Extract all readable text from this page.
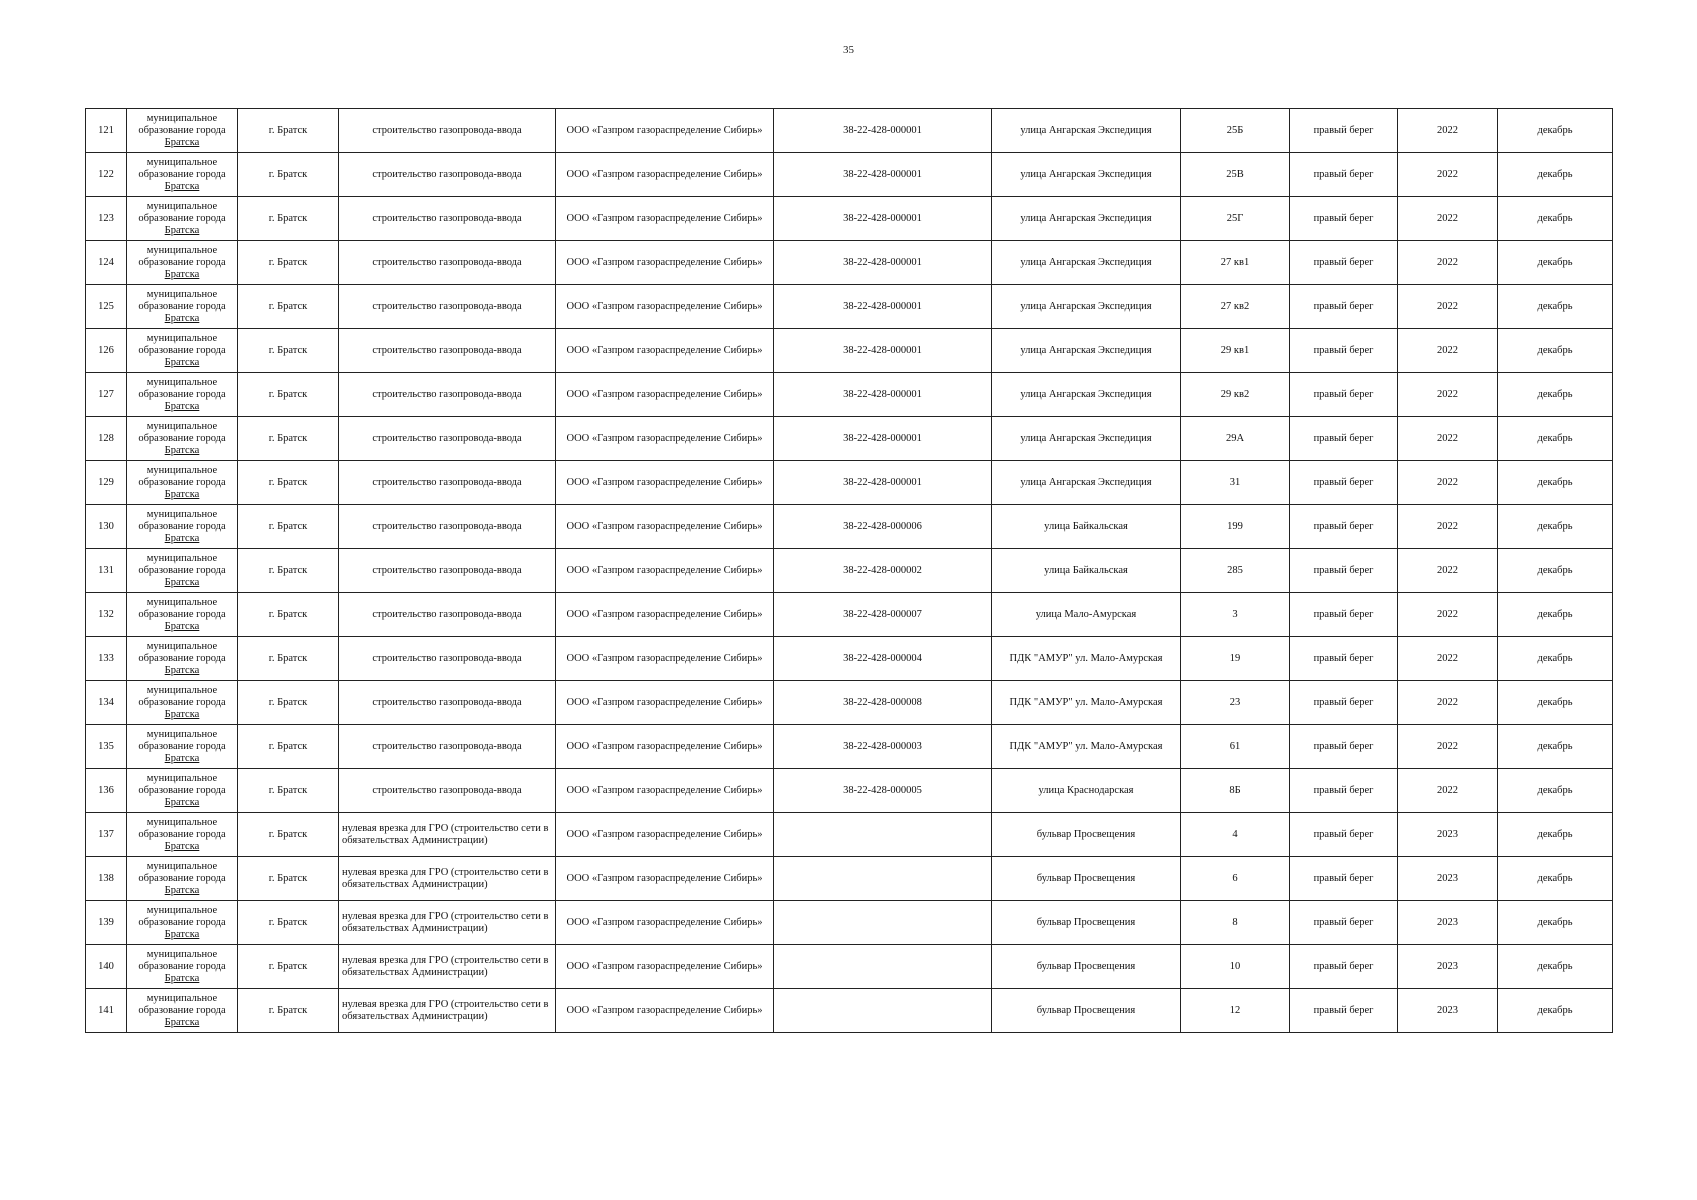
35
121	муниципальное
образование города
Братска	г. Братск	строительство газопровода-ввода	ООО «Газпром газораспределение Сибирь»	38-22-428-000001	улица Ангарская Экспедиция	25Б	правый берег	2022	декабрь
122	муниципальное
образование города
Братска	г. Братск	строительство газопровода-ввода	ООО «Газпром газораспределение Сибирь»	38-22-428-000001	улица Ангарская Экспедиция	25В	правый берег	2022	декабрь
123	муниципальное
образование города
Братска	г. Братск	строительство газопровода-ввода	ООО «Газпром газораспределение Сибирь»	38-22-428-000001	улица Ангарская Экспедиция	25Г	правый берег	2022	декабрь
124	муниципальное
образование города
Братска	г. Братск	строительство газопровода-ввода	ООО «Газпром газораспределение Сибирь»	38-22-428-000001	улица Ангарская Экспедиция	27 кв1	правый берег	2022	декабрь
125	муниципальное
образование города
Братска	г. Братск	строительство газопровода-ввода	ООО «Газпром газораспределение Сибирь»	38-22-428-000001	улица Ангарская Экспедиция	27 кв2	правый берег	2022	декабрь
126	муниципальное
образование города
Братска	г. Братск	строительство газопровода-ввода	ООО «Газпром газораспределение Сибирь»	38-22-428-000001	улица Ангарская Экспедиция	29 кв1	правый берег	2022	декабрь
127	муниципальное
образование города
Братска	г. Братск	строительство газопровода-ввода	ООО «Газпром газораспределение Сибирь»	38-22-428-000001	улица Ангарская Экспедиция	29 кв2	правый берег	2022	декабрь
128	муниципальное
образование города
Братска	г. Братск	строительство газопровода-ввода	ООО «Газпром газораспределение Сибирь»	38-22-428-000001	улица Ангарская Экспедиция	29А	правый берег	2022	декабрь
129	муниципальное
образование города
Братска	г. Братск	строительство газопровода-ввода	ООО «Газпром газораспределение Сибирь»	38-22-428-000001	улица Ангарская Экспедиция	31	правый берег	2022	декабрь
130	муниципальное
образование города
Братска	г. Братск	строительство газопровода-ввода	ООО «Газпром газораспределение Сибирь»	38-22-428-000006	улица Байкальская	199	правый берег	2022	декабрь
131	муниципальное
образование города
Братска	г. Братск	строительство газопровода-ввода	ООО «Газпром газораспределение Сибирь»	38-22-428-000002	улица Байкальская	285	правый берег	2022	декабрь
132	муниципальное
образование города
Братска	г. Братск	строительство газопровода-ввода	ООО «Газпром газораспределение Сибирь»	38-22-428-000007	улица Мало-Амурская	3	правый берег	2022	декабрь
133	муниципальное
образование города
Братска	г. Братск	строительство газопровода-ввода	ООО «Газпром газораспределение Сибирь»	38-22-428-000004	ПДК "АМУР" ул. Мало-Амурская	19	правый берег	2022	декабрь
134	муниципальное
образование города
Братска	г. Братск	строительство газопровода-ввода	ООО «Газпром газораспределение Сибирь»	38-22-428-000008	ПДК "АМУР" ул. Мало-Амурская	23	правый берег	2022	декабрь
135	муниципальное
образование города
Братска	г. Братск	строительство газопровода-ввода	ООО «Газпром газораспределение Сибирь»	38-22-428-000003	ПДК "АМУР" ул. Мало-Амурская	61	правый берег	2022	декабрь
136	муниципальное
образование города
Братска	г. Братск	строительство газопровода-ввода	ООО «Газпром газораспределение Сибирь»	38-22-428-000005	улица Краснодарская	8Б	правый берег	2022	декабрь
137	муниципальное
образование города
Братска	г. Братск	нулевая врезка для ГРО (строительство сети в обязательствах Администрации)	ООО «Газпром газораспределение Сибирь»		бульвар Просвещения	4	правый берег	2023	декабрь
138	муниципальное
образование города
Братска	г. Братск	нулевая врезка для ГРО (строительство сети в обязательствах Администрации)	ООО «Газпром газораспределение Сибирь»		бульвар Просвещения	6	правый берег	2023	декабрь
139	муниципальное
образование города
Братска	г. Братск	нулевая врезка для ГРО (строительство сети в обязательствах Администрации)	ООО «Газпром газораспределение Сибирь»		бульвар Просвещения	8	правый берег	2023	декабрь
140	муниципальное
образование города
Братска	г. Братск	нулевая врезка для ГРО (строительство сети в обязательствах Администрации)	ООО «Газпром газораспределение Сибирь»		бульвар Просвещения	10	правый берег	2023	декабрь
141	муниципальное
образование города
Братска	г. Братск	нулевая врезка для ГРО (строительство сети в обязательствах Администрации)	ООО «Газпром газораспределение Сибирь»		бульвар Просвещения	12	правый берег	2023	декабрь
